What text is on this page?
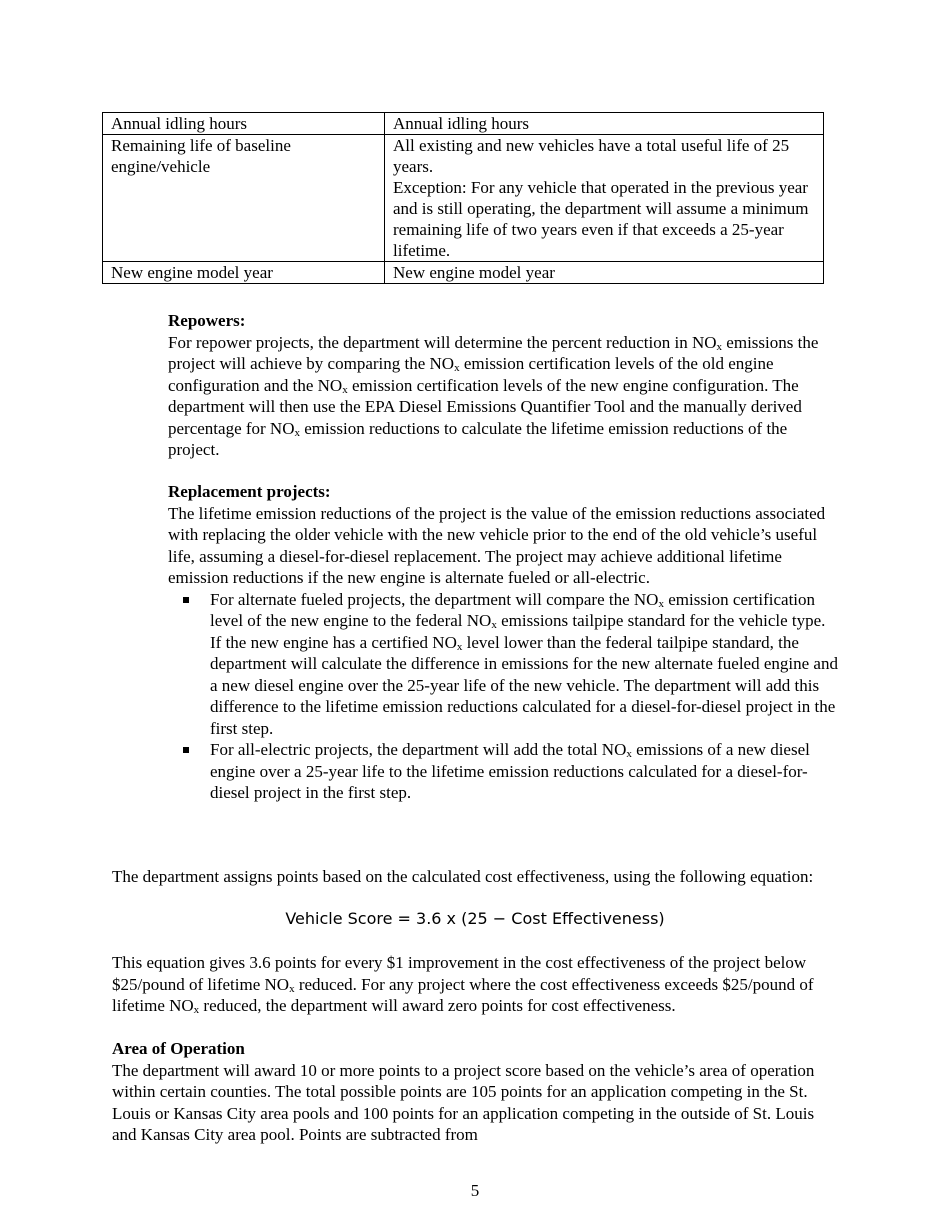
Annual idling hours	Annual idling hours
Remaining life of baseline engine/vehicle	All existing and new vehicles have a total useful life of 25 years.
Exception: For any vehicle that operated in the previous year and is still operating, the department will assume a minimum remaining life of two years even if that exceeds a 25-year lifetime.

New engine model year	New engine model year
Repowers:

For repower projects, the department will determine the percent reduction in $NO_x$ emissions the project will achieve by comparing the $NO_x$ emission certification levels of the old engine configuration and the $NO_x$ emission certification levels of the new engine configuration. The department will then use the EPA Diesel Emissions Quantifier Tool and the manually derived percentage for $NO_x$ emission reductions to calculate the lifetime emission reductions of the project.

Replacement projects:

The lifetime emission reductions of the project is the value of the emission reductions associated with replacing the older vehicle with the new vehicle prior to the end of the old vehicle’s useful life, assuming a diesel-for-diesel replacement. The project may achieve additional lifetime emission reductions if the new engine is alternate fueled or all-electric.

For alternate fueled projects, the department will compare the $NO_x$ emission certification level of the new engine to the federal $NO_x$ emissions tailpipe standard for the vehicle type. If the new engine has a certified $NO_x$ level lower than the federal tailpipe standard, the department will calculate the difference in emissions for the new alternate fueled engine and a new diesel engine over the 25-year life of the new vehicle. The department will add this difference to the lifetime emission reductions calculated for a diesel-for-diesel project in the first step.
For all-electric projects, the department will add the total $NO_x$ emissions of a new diesel engine over a 25-year life to the lifetime emission reductions calculated for a diesel-for-diesel project in the first step.
The department assigns points based on the calculated cost effectiveness, using the following equation:
Vehicle Score = 3.6 x (25 − Cost Effectiveness)
This equation gives 3.6 points for every $1 improvement in the cost effectiveness of the project below $25/pound of lifetime $NO_x$ reduced. For any project where the cost effectiveness exceeds $25/pound of lifetime $NO_x$ reduced, the department will award zero points for cost effectiveness.
Area of Operation

The department will award 10 or more points to a project score based on the vehicle’s area of operation within certain counties. The total possible points are 105 points for an application competing in the St. Louis or Kansas City area pools and 100 points for an application competing in the outside of St. Louis and Kansas City area pool. Points are subtracted from

5
